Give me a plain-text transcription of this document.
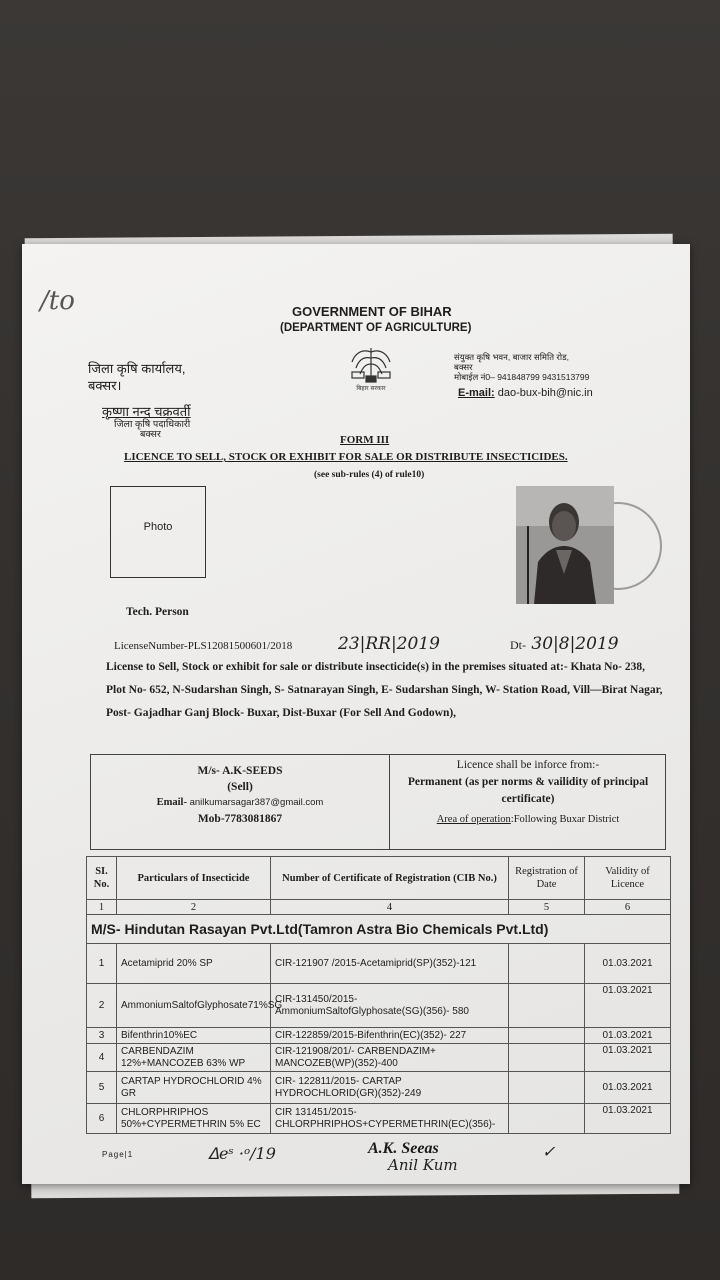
/to	GOVERNMENT OF BIHAR
(DEPARTMENT OF AGRICULTURE)
जिला कृषि कार्यालय,
बक्सर।	बिहार सरकार
संयुक्त कृषि भवन, बाजार समिति रोड,
बक्सर
मोबाईल नं0– 941848799 9431513799
E-mail: dao-bux-bih@nic.in
कृष्णा नन्द चक्रवर्ती
जिला कृषि पदाधिकारी
बक्सर	FORM III
LICENCE TO SELL, STOCK OR EXHIBIT FOR SALE OR DISTRIBUTE INSECTICIDES.
(see sub-rules (4) of rule10)
Photo
Tech. Person
LicenseNumber-PLS12081500601/2018	23|RR|2019	Dt- 30|8|2019
License to Sell, Stock or exhibit for sale or distribute insecticide(s) in the premises situated at:- Khata No- 238, Plot No- 652, N-Sudarshan Singh, S- Satnarayan Singh, E- Sudarshan Singh, W- Station Road, Vill—Birat Nagar, Post- Gajadhar Ganj Block- Buxar, Dist-Buxar (For Sell And Godown),
M/s- A.K-SEEDS
(Sell)
Email- anilkumarsagar387@gmail.com
Mob-7783081867
Licence shall be inforce from:-
Permanent (as per norms & vailidity of principal certificate)
Area of operation:Following Buxar District
SI. No.	Particulars of Insecticide	Number of Certificate of Registration (CIB No.)	Registration of Date	Validity of Licence
1	2	4	5	6
M/S- Hindutan Rasayan Pvt.Ltd(Tamron Astra Bio Chemicals Pvt.Ltd)				
1	Acetamiprid 20% SP	CIR-121907 /2015-Acetamiprid(SP)(352)-121		01.03.2021
2	AmmoniumSaltofGlyphosate71%SG	CIR-131450/2015-AmmoniumSaltofGlyphosate(SG)(356)- 580		01.03.2021
3	Bifenthrin10%EC	CIR-122859/2015-Bifenthrin(EC)(352)- 227		01.03.2021
4	CARBENDAZIM 12%+MANCOZEB 63% WP	CIR-121908/201/- CARBENDAZIM+ MANCOZEB(WP)(352)-400		01.03.2021
5	CARTAP HYDROCHLORID 4% GR	CIR- 122811/2015- CARTAP HYDROCHLORID(GR)(352)-249		01.03.2021
6	CHLORPHRIPHOS 50%+CYPERMETHRIN 5% EC	CIR 131451/2015- CHLORPHRIPHOS+CYPERMETHRIN(EC)(356)-		01.03.2021
Page|1	ᐃeˢ ·ᵒ/19	A.K. Seeas
Anil Kum
✓
